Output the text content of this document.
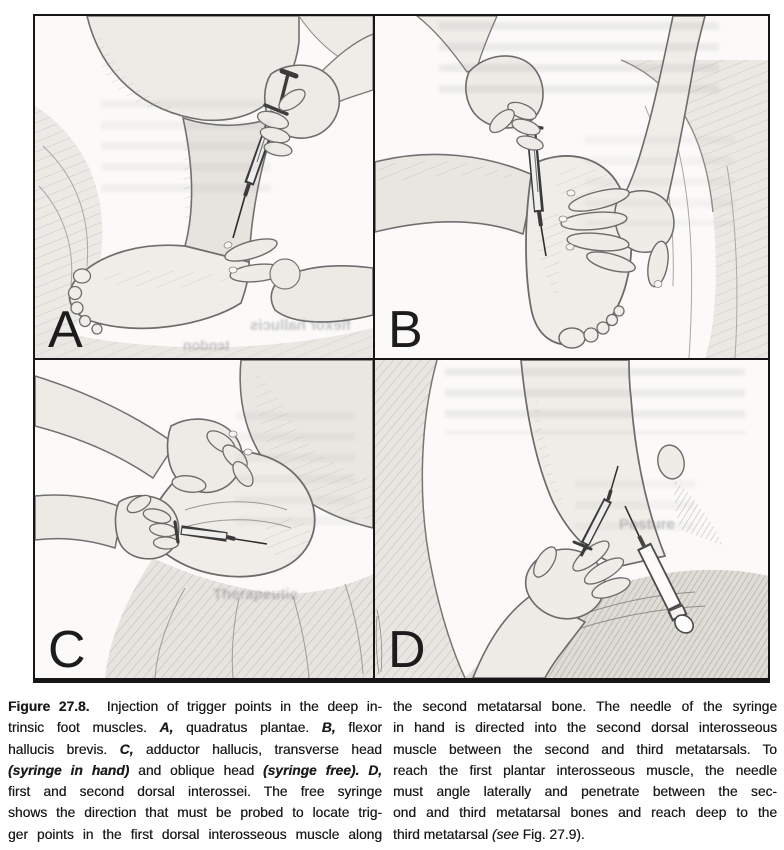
A	flexor hallucis
tendon	B
C
Therapeutic
D
Posture
Figure 27.8.  Injection of trigger points in the deep in-
trinsic foot muscles. A, quadratus plantae. B, flexor
hallucis brevis. C, adductor hallucis, transverse head
(syringe in hand) and oblique head (syringe free). D,
first and second dorsal interossei. The free syringe
shows the direction that must be probed to locate trig-
ger points in the first dorsal interosseous muscle along
the second metatarsal bone. The needle of the syringe
in hand is directed into the second dorsal interosseous
muscle between the second and third metatarsals. To
reach the first plantar interosseous muscle, the needle
must angle laterally and penetrate between the sec-
ond and third metatarsal bones and reach deep to the
third metatarsal (see Fig. 27.9).
